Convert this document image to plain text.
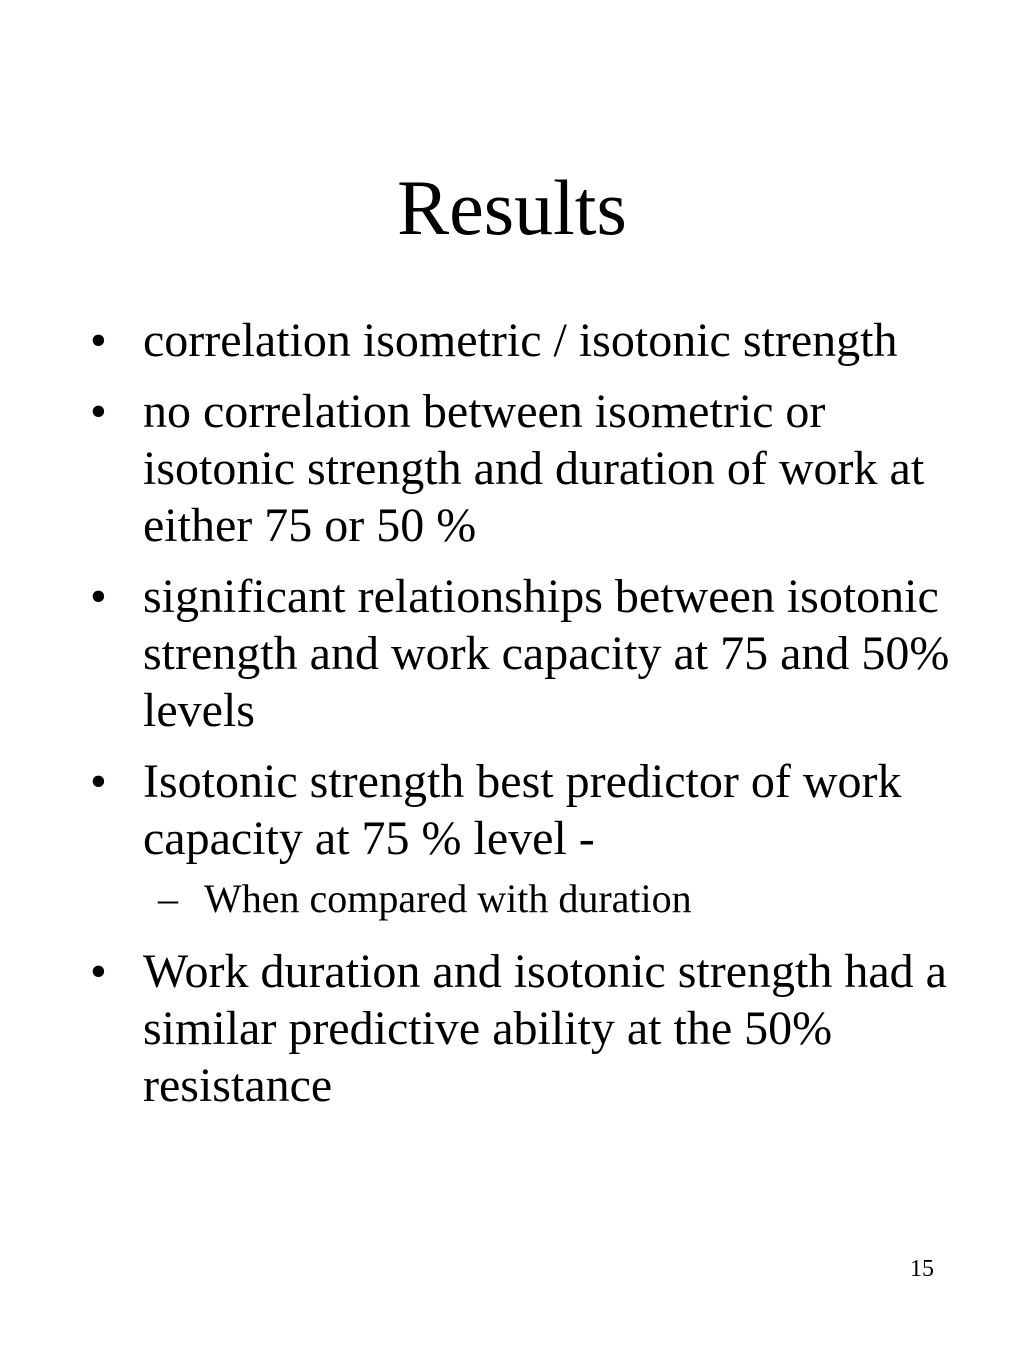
Results
• correlation isometric / isotonic strength
• no correlation between isometric or isotonic strength and duration of work at either 75 or 50 %
• significant relationships between isotonic strength and work capacity at 75 and 50% levels
• Isotonic strength best predictor of work capacity at 75 % level -
– When compared with duration
• Work duration and isotonic strength had a similar predictive ability at the 50% resistance
15
